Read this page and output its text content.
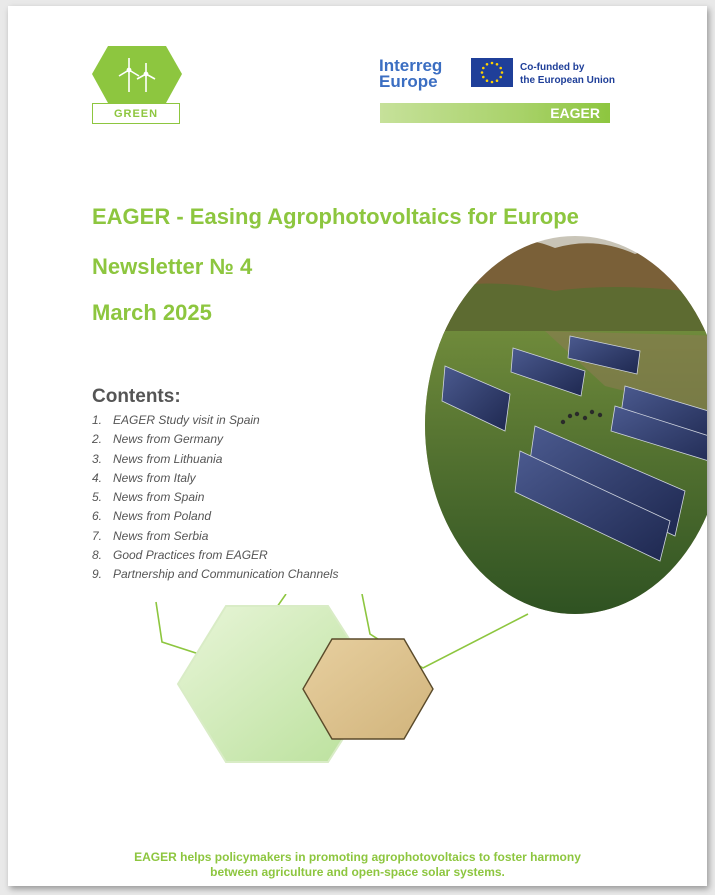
GREEN
Interreg
Europe
Co-funded by
the European Union
EAGER
EAGER - Easing Agrophotovoltaics for Europe
Newsletter № 4
March 2025
Contents:
1. EAGER Study visit in Spain
2. News from Germany
3. News from Lithuania
4. News from Italy
5. News from Spain
6. News from Poland
7. News from Serbia
8. Good Practices from EAGER
9. Partnership and Communication Channels
EAGER helps policymakers in promoting agrophotovoltaics to foster harmony
between agriculture and open-space solar systems.
